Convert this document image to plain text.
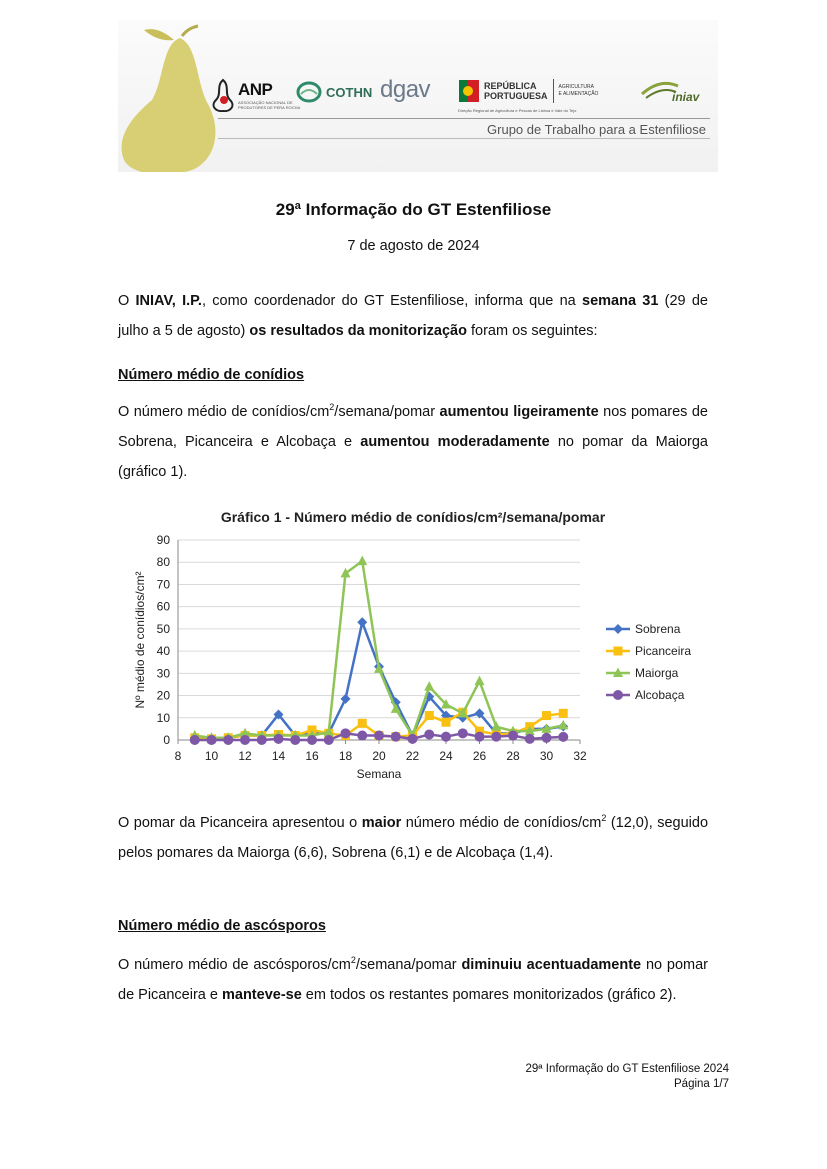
ANP
ASSOCIAÇÃO NACIONAL DE PRODUTORES DE PERA ROCHA
COTHN dgav	REPÚBLICA
PORTUGUESA
AGRICULTURA
E ALIMENTAÇÃO
Direção Regional de Agricultura e Pescas de Lisboa e Vale do Tejo
iniav
Grupo de Trabalho para a Estenfiliose
29ª Informação do GT Estenfiliose
7 de agosto de 2024
O INIAV, I.P., como coordenador do GT Estenfiliose, informa que na semana 31 (29 de julho a 5 de agosto) os resultados da monitorização foram os seguintes:
Número médio de conídios
O número médio de conídios/$cm^2/semana$/pomar aumentou ligeiramente nos pomares de Sobrena, Picanceira e Alcobaça e aumentou moderadamente no pomar da Maiorga (gráfico 1).
Gráfico 1 - Número médio de conídios/cm²/semana/pomar
0
10
20
30
40
50
60
70
80
90
8 10 12 14 16 18 20 22 24 26 28 30 32
Semana
Nº médio de conídios/cm²	Sobrena
Picanceira
Maiorga
Alcobaça
O pomar da Picanceira apresentou o maior número médio de conídios/$cm^2$ (12,0), seguido pelos pomares da Maiorga (6,6), Sobrena (6,1) e de Alcobaça (1,4).
Número médio de ascósporos
O número médio de ascósporos/$cm^2/semana$/pomar diminuiu acentuadamente no pomar de Picanceira e manteve-se em todos os restantes pomares monitorizados (gráfico 2).
29ª Informação do GT Estenfiliose 2024
Página 1/7
